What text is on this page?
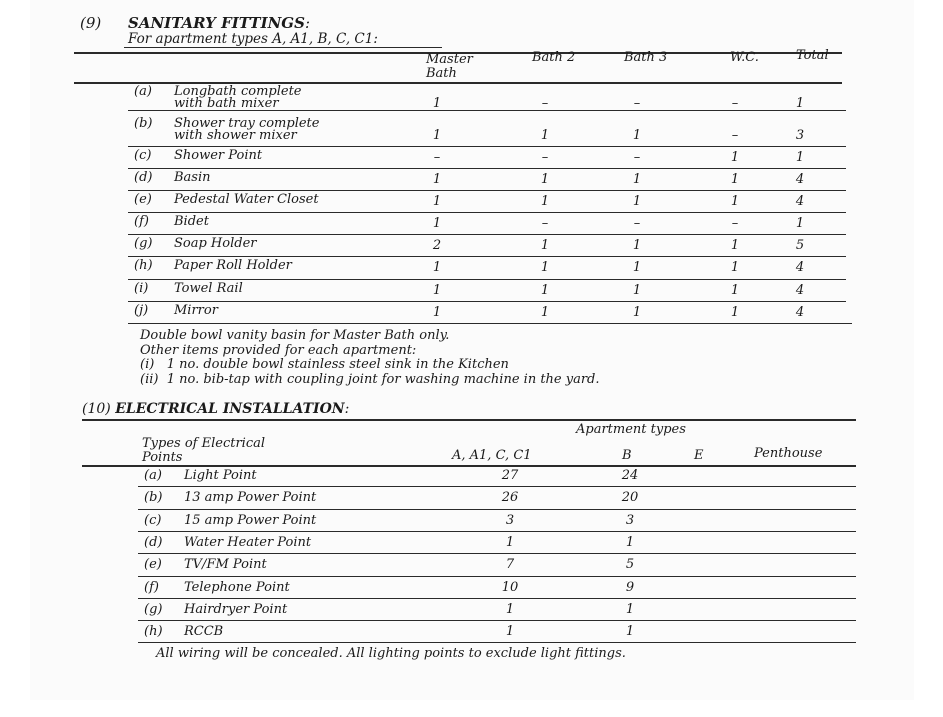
(9) SANITARY FITTINGS:
For apartment types A, A1, B, C, C1:
Master
Bath
Bath 2	Bath 3	W.C.	Total
(a) Longbath complete
with bath mixer	1	–	–	–	1
(b) Shower tray complete
with shower mixer	1	1	1	–	3
(c) Shower Point	–	–	–	1	1
(d) Basin	1	1	1	1	4
(e) Pedestal Water Closet	1	1	1	1	4
(f) Bidet	1	–	–	–	1
(g) Soap Holder	2	1	1	1	5
(h) Paper Roll Holder	1	1	1	1	4
(i) Towel Rail	1	1	1	1	4
(j) Mirror	1	1	1	1	4
Double bowl vanity basin for Master Bath only.
Other items provided for each apartment:
(i)   1 no. double bowl stainless steel sink in the Kitchen
(ii)  1 no. bib-tap with coupling joint for washing machine in the yard.
(10) ELECTRICAL INSTALLATION:
Apartment types
Types of Electrical
Points	A, A1, C, C1	B	E	Penthouse
(a) Light Point	27	24
(b) 13 amp Power Point	26	20
(c) 15 amp Power Point	3	3
(d) Water Heater Point	1	1
(e) TV/FM Point	7	5
(f) Telephone Point	10	9
(g) Hairdryer Point	1	1
(h) RCCB	1	1
All wiring will be concealed. All lighting points to exclude light fittings.
